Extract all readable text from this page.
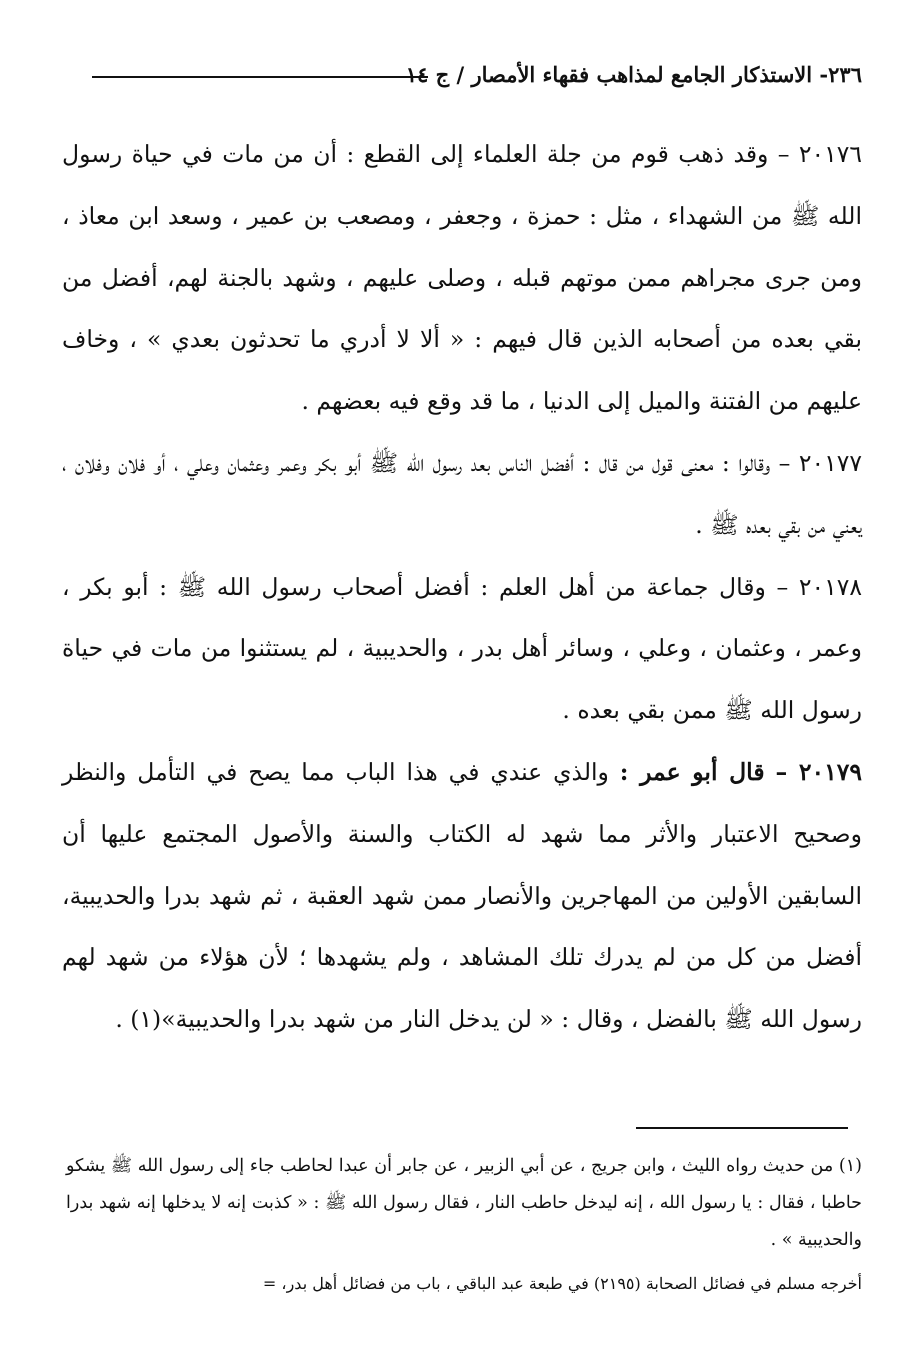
٢٣٦- الاستذكار الجامع لمذاهب فقهاء الأمصار / ج ١٤

٢٠١٧٦ – وقد ذهب قوم من جلة العلماء إلى القطع : أن من مات في حياة رسول الله ﷺ من الشهداء ، مثل : حمزة ، وجعفر ، ومصعب بن عمير ، وسعد ابن معاذ ، ومن جرى مجراهم ممن موتهم قبله ، وصلى عليهم ، وشهد بالجنة لهم، أفضل من بقي بعده من أصحابه الذين قال فيهم : « ألا لا أدري ما تحدثون بعدي » ، وخاف عليهم من الفتنة والميل إلى الدنيا ، ما قد وقع فيه بعضهم .

٢٠١٧٧ – وقالوا : معنى قول من قال : أفضل الناس بعد رسول الله ﷺ أبو بكر وعمر وعثمان وعلي ، أو فلان وفلان ، يعني من بقي بعده ﷺ .

٢٠١٧٨ – وقال جماعة من أهل العلم : أفضل أصحاب رسول الله ﷺ : أبو بكر ، وعمر ، وعثمان ، وعلي ، وسائر أهل بدر ، والحديبية ، لم يستثنوا من مات في حياة رسول الله ﷺ ممن بقي بعده .

٢٠١٧٩ – قال أبو عمر : والذي عندي في هذا الباب مما يصح في التأمل والنظر وصحيح الاعتبار والأثر مما شهد له الكتاب والسنة والأصول المجتمع عليها أن السابقين الأولين من المهاجرين والأنصار ممن شهد العقبة ، ثم شهد بدرا والحديبية، أفضل من كل من لم يدرك تلك المشاهد ، ولم يشهدها ؛ لأن هؤلاء من شهد لهم رسول الله ﷺ بالفضل ، وقال : « لن يدخل النار من شهد بدرا والحديبية»(١) .

(١) من حديث رواه الليث ، وابن جريج ، عن أبي الزبير ، عن جابر أن عبدا لحاطب جاء إلى رسول الله ﷺ يشكو حاطبا ، فقال : يا رسول الله ، إنه ليدخل حاطب النار ، فقال رسول الله ﷺ : « كذبت إنه لا يدخلها إنه شهد بدرا والحديبية » .

أخرجه مسلم في فضائل الصحابة (٢١٩٥) في طبعة عبد الباقي ، باب من فضائل أهل بدر، =
